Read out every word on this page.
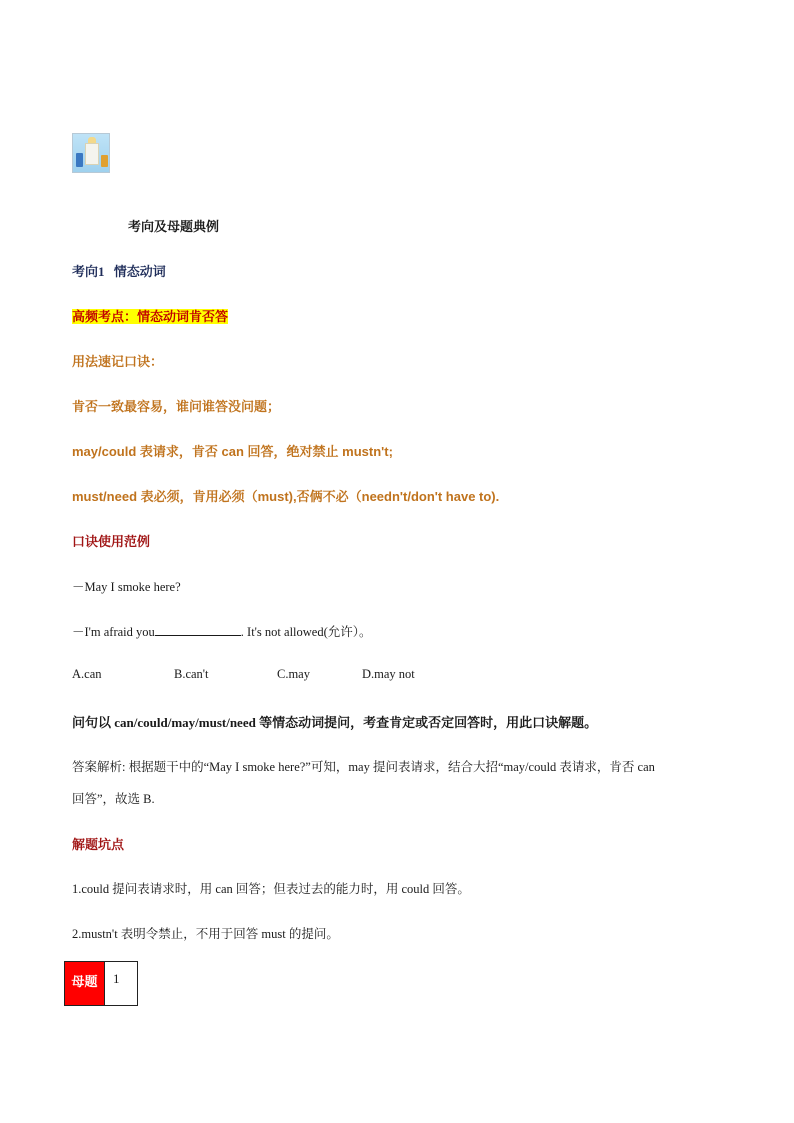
考向及母题典例
考向1 情态动词
高频考点：情态动词肯否答
用法速记口诀：
肯否一致最容易，谁问谁答没问题；
may/could 表请求，肯否 can 回答，绝对禁止 mustn't;
must/need 表必须，肯用必须（must),否俩不必（needn't/don't have to).
口诀使用范例
－May I smoke here?
－I'm afraid you	. It's not allowed(允许）。
A.can	B.can't	C.may	D.may not
问句以 can/could/may/must/need 等情态动词提问，考查肯定或否定回答时，用此口诀解题。
答案解析: 根据题干中的“May I smoke here?”可知，may 提问表请求，结合大招“may/could 表请求，肯否 can
回答”，故选 B.
解题坑点
1.could 提问表请求时，用 can 回答；但表过去的能力时，用 could 回答。
2.mustn't 表明令禁止，不用于回答 must 的提问。
母题	1
